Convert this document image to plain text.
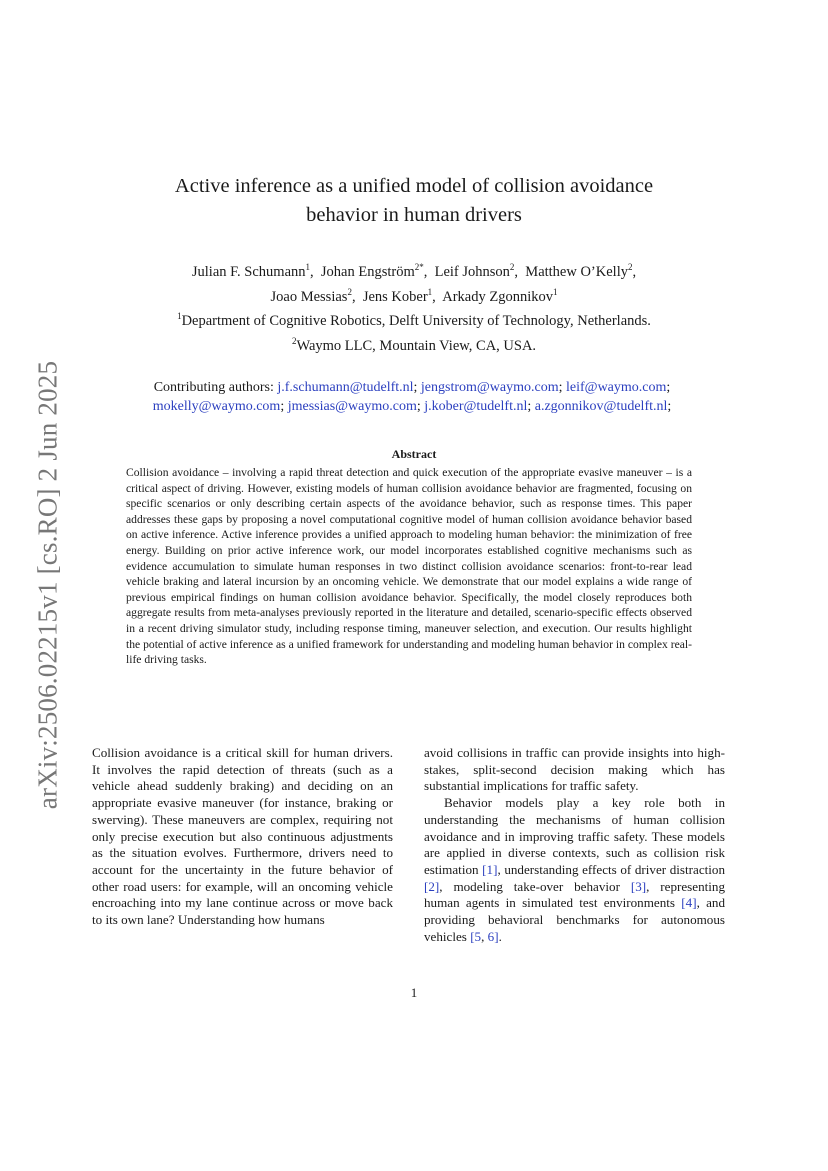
arXiv:2506.02215v1 [cs.RO] 2 Jun 2025
Active inference as a unified model of collision avoidance
behavior in human drivers
Julian F. Schumann$^1$,  Johan Engström$^{2*}$,  Leif Johnson$^2$,  Matthew O’Kelly$^2$,
Joao Messias$^2$,  Jens Kober$^1$,  Arkady Zgonnikov$^1$
$^1$Department of Cognitive Robotics, Delft University of Technology, Netherlands.
$^2$Waymo LLC, Mountain View, CA, USA.
Contributing authors: j.f.schumann@tudelft.nl; jengstrom@waymo.com; leif@waymo.com; mokelly@waymo.com; jmessias@waymo.com; j.kober@tudelft.nl; a.zgonnikov@tudelft.nl;
Abstract

Collision avoidance – involving a rapid threat detection and quick execution of the appropriate evasive maneuver – is a critical aspect of driving. However, existing models of human collision avoidance behavior are fragmented, focusing on specific scenarios or only describing certain aspects of the avoidance behavior, such as response times. This paper addresses these gaps by proposing a novel computational cognitive model of human collision avoidance behavior based on active inference. Active inference provides a unified approach to modeling human behavior: the minimization of free energy. Building on prior active inference work, our model incorporates established cognitive mechanisms such as evidence accumulation to simulate human responses in two distinct collision avoidance scenarios: front-to-rear lead vehicle braking and lateral incursion by an oncoming vehicle. We demonstrate that our model explains a wide range of previous empirical findings on human collision avoidance behavior. Specifically, the model closely reproduces both aggregate results from meta-analyses previously reported in the literature and detailed, scenario-specific effects observed in a recent driving simulator study, including response timing, maneuver selection, and execution. Our results highlight the potential of active inference as a unified framework for understanding and modeling human behavior in complex real-life driving tasks.

Collision avoidance is a critical skill for human drivers. It involves the rapid detection of threats (such as a vehicle ahead suddenly braking) and deciding on an appropriate evasive maneuver (for instance, braking or swerving). These maneuvers are complex, requiring not only precise execution but also continuous adjustments as the situation evolves. Furthermore, drivers need to account for the uncertainty in the future behavior of other road users: for example, will an oncoming vehicle encroaching into my lane continue across or move back to its own lane? Understanding how humans

avoid collisions in traffic can provide insights into high-stakes, split-second decision making which has substantial implications for traffic safety.

Behavior models play a key role both in understanding the mechanisms of human collision avoidance and in improving traffic safety. These models are applied in diverse contexts, such as collision risk estimation [1], understanding effects of driver distraction [2], modeling take-over behavior [3], representing human agents in simulated test environments [4], and providing behavioral benchmarks for autonomous vehicles [5, 6].

1
